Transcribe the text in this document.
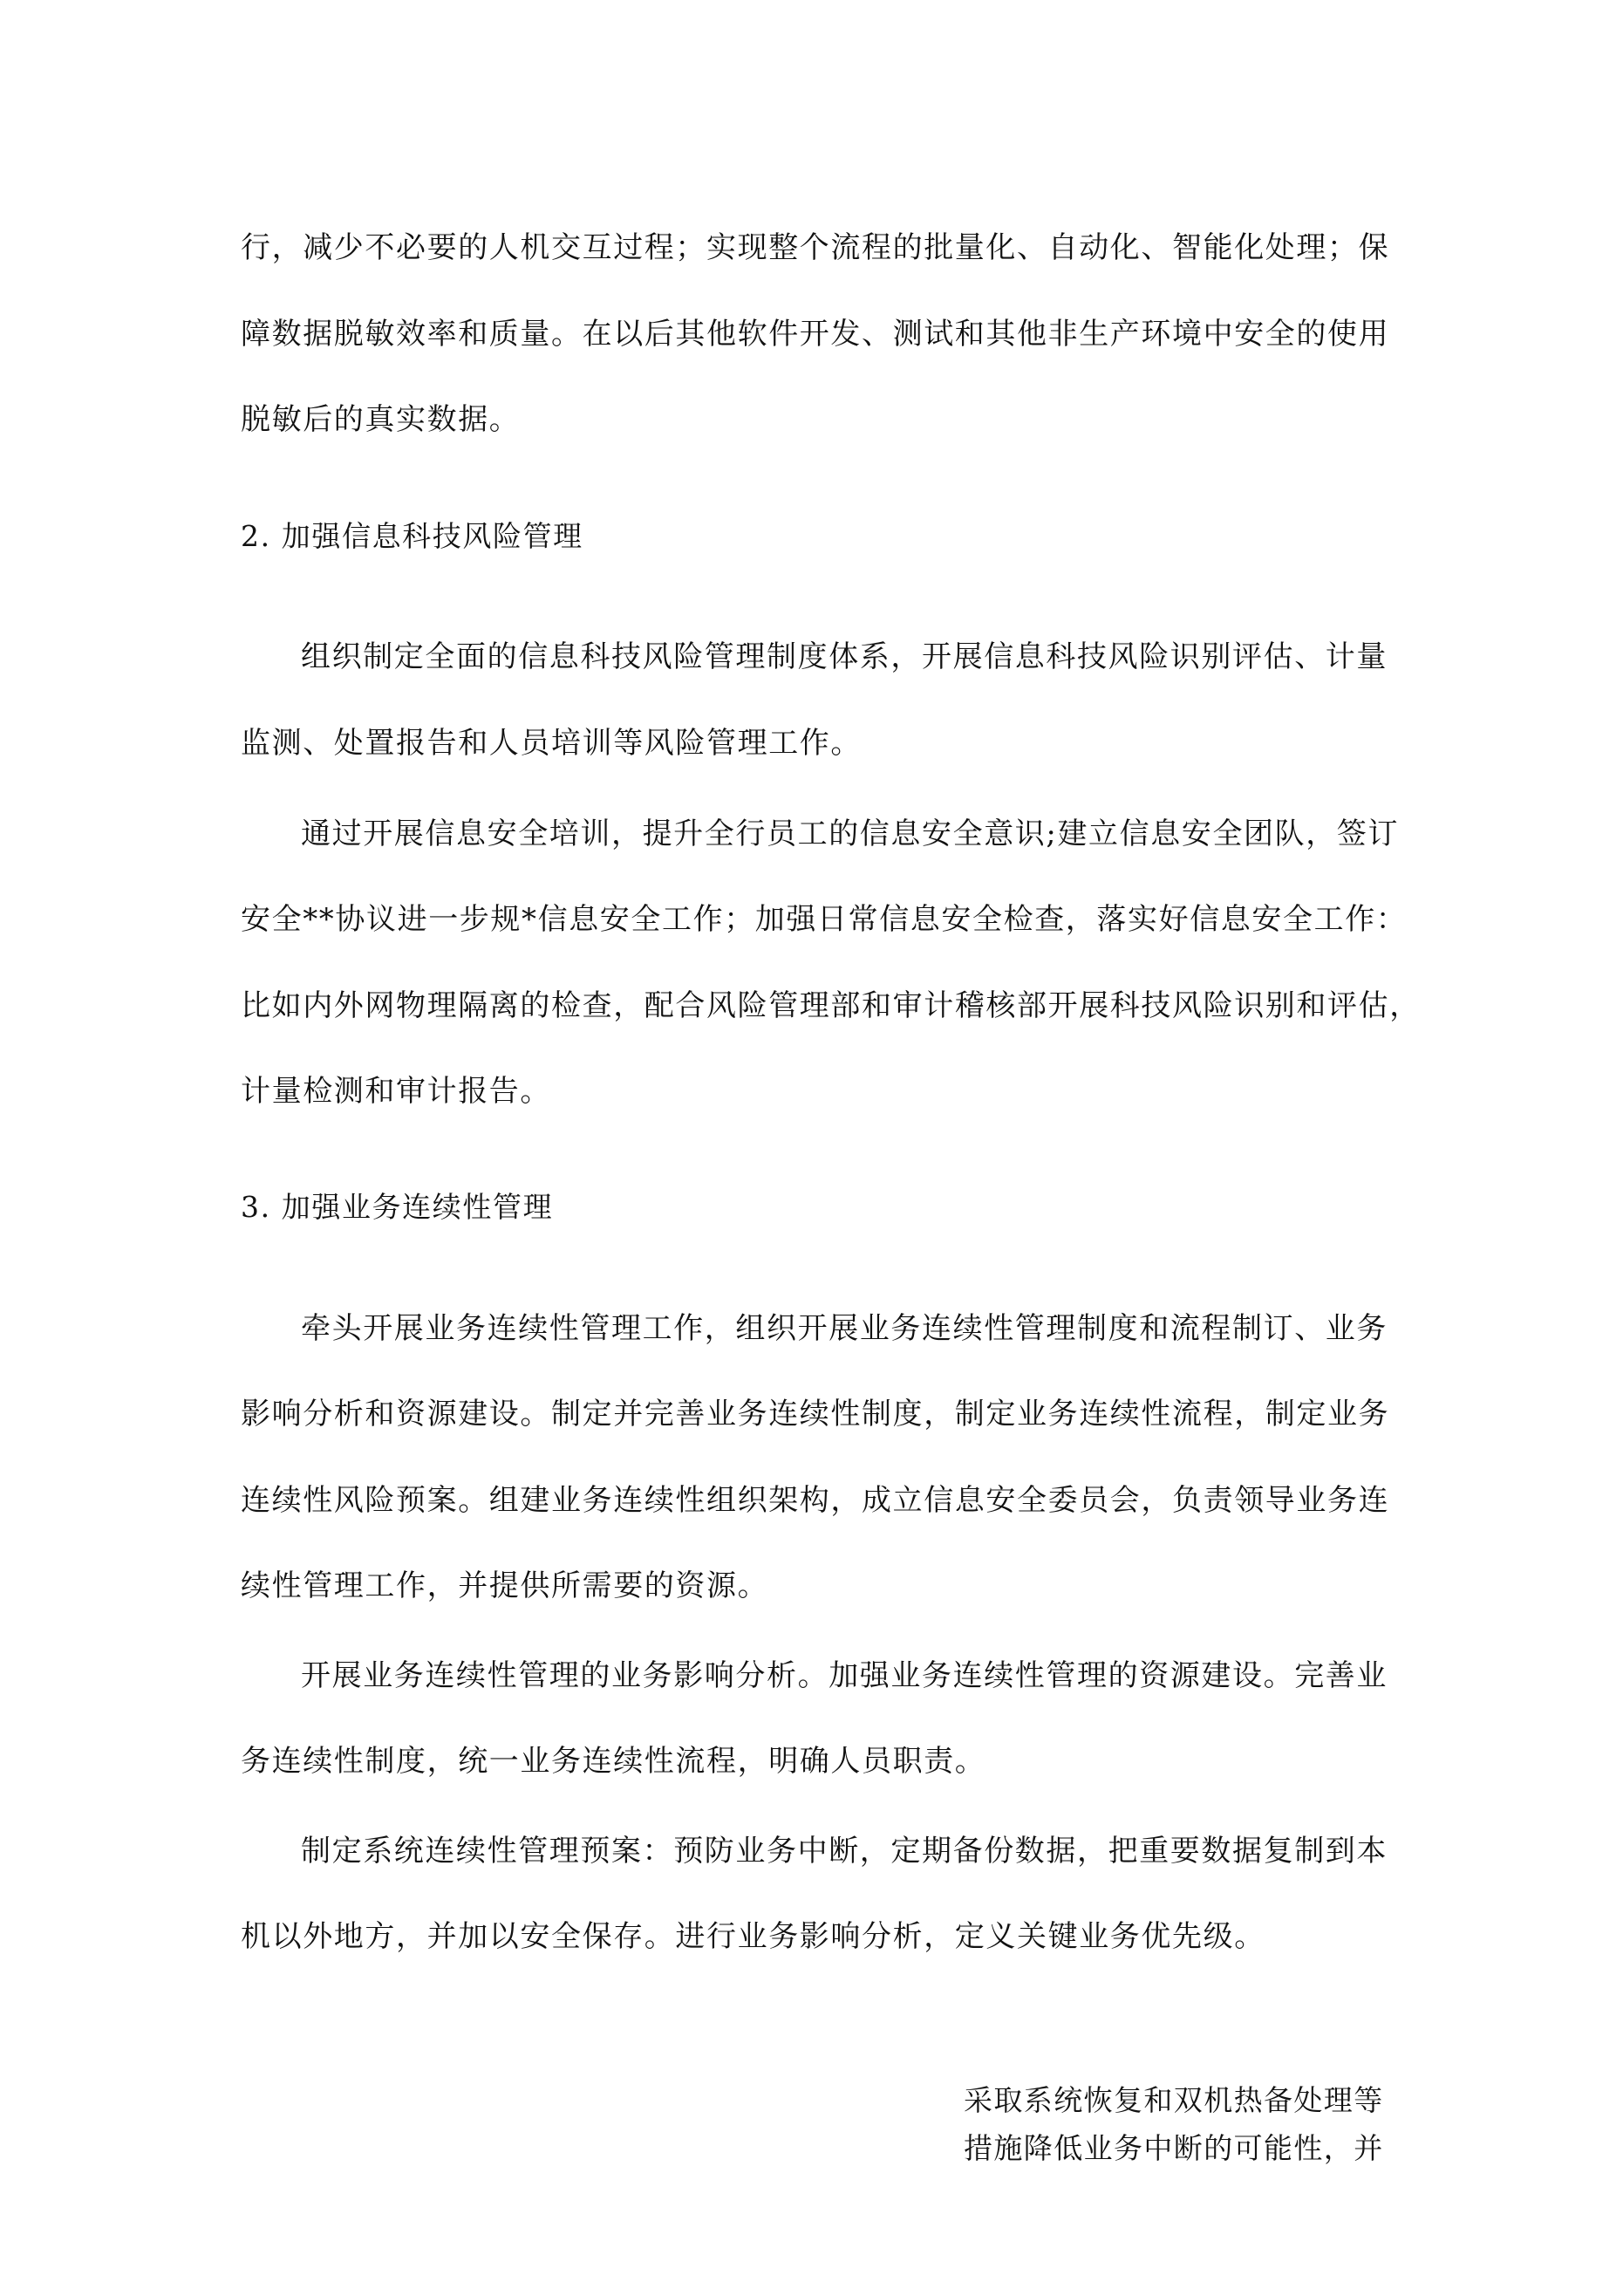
行，减少不必要的人机交互过程；实现整个流程的批量化、自动化、智能化处理；保
障数据脱敏效率和质量。在以后其他软件开发、测试和其他非生产环境中安全的使用
脱敏后的真实数据。
2. 加强信息科技风险管理
组织制定全面的信息科技风险管理制度体系，开展信息科技风险识别评估、计量
监测、处置报告和人员培训等风险管理工作。
通过开展信息安全培训，提升全行员工的信息安全意识;建立信息安全团队，签订
安全**协议进一步规*信息安全工作；加强日常信息安全检查，落实好信息安全工作：
比如内外网物理隔离的检查，配合风险管理部和审计稽核部开展科技风险识别和评估，
计量检测和审计报告。
3. 加强业务连续性管理
牵头开展业务连续性管理工作，组织开展业务连续性管理制度和流程制订、业务
影响分析和资源建设。制定并完善业务连续性制度，制定业务连续性流程，制定业务
连续性风险预案。组建业务连续性组织架构，成立信息安全委员会，负责领导业务连
续性管理工作，并提供所需要的资源。
开展业务连续性管理的业务影响分析。加强业务连续性管理的资源建设。完善业
务连续性制度，统一业务连续性流程，明确人员职责。
制定系统连续性管理预案：预防业务中断，定期备份数据，把重要数据复制到本
机以外地方，并加以安全保存。进行业务影响分析，定义关键业务优先级。
采取系统恢复和双机热备处理等
措施降低业务中断的可能性，并
